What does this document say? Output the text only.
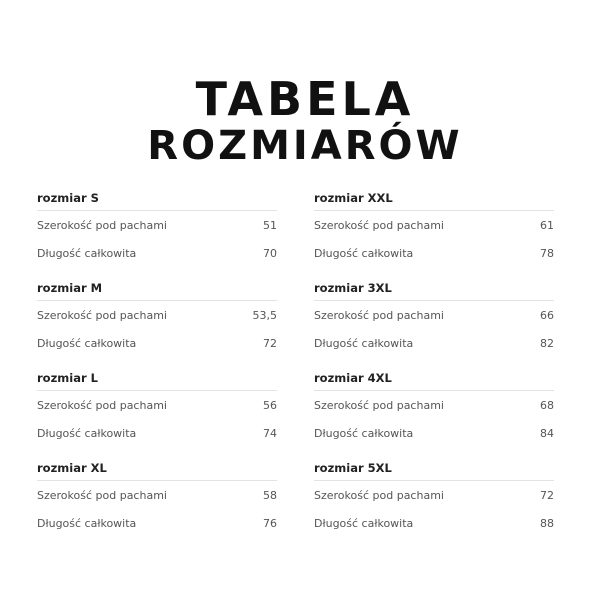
TABELA
ROZMIARÓW
rozmiar S
Szerokość pod pachami	51
Długość całkowita	70
rozmiar M
Szerokość pod pachami	53,5
Długość całkowita	72
rozmiar L
Szerokość pod pachami	56
Długość całkowita	74
rozmiar XL
Szerokość pod pachami	58
Długość całkowita	76
rozmiar XXL
Szerokość pod pachami	61
Długość całkowita	78
rozmiar 3XL
Szerokość pod pachami	66
Długość całkowita	82
rozmiar 4XL
Szerokość pod pachami	68
Długość całkowita	84
rozmiar 5XL
Szerokość pod pachami	72
Długość całkowita	88
